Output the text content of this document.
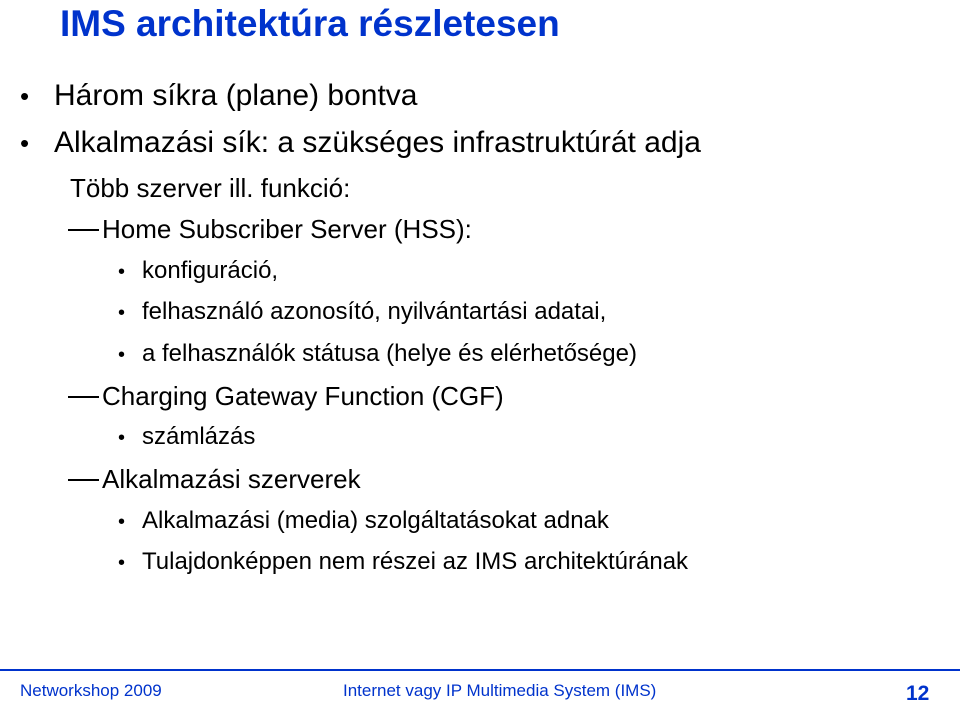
IMS architektúra részletesen
• Három síkra (plane) bontva
• Alkalmazási sík: a szükséges infrastruktúrát adja
Több szerver ill. funkció:
Home Subscriber Server (HSS):
• konfiguráció,
• felhasználó azonosító, nyilvántartási adatai,
• a felhasználók státusa (helye és elérhetősége)
Charging Gateway Function (CGF)
• számlázás
Alkalmazási szerverek
• Alkalmazási (media) szolgáltatásokat adnak
• Tulajdonképpen nem részei az IMS architektúrának
Networkshop 2009	Internet vagy IP Multimedia System (IMS)	12
